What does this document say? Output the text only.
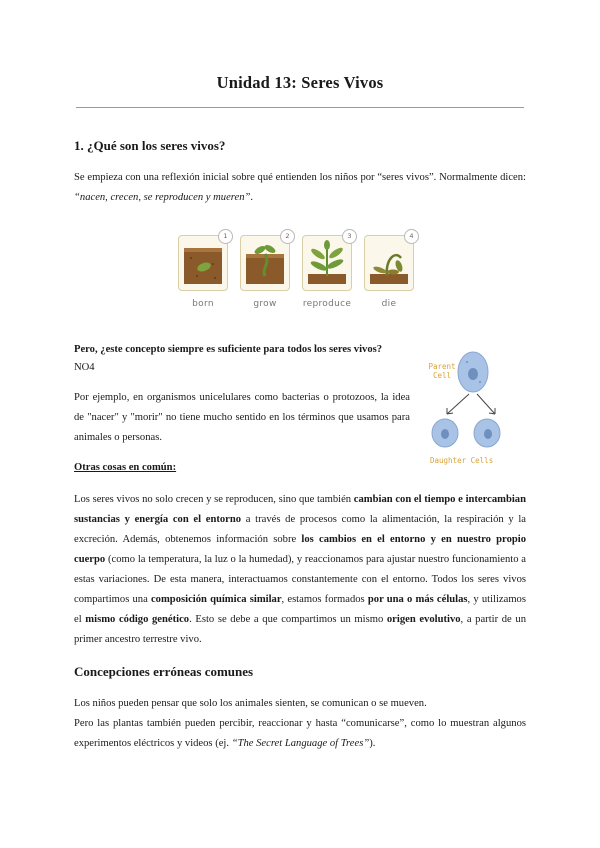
Unidad 13: Seres Vivos
1. ¿Qué son los seres vivos?
Se empieza con una reflexión inicial sobre qué entienden los niños por “seres vivos”. Normalmente dicen: “nacen, crecen, se reproducen y mueren”.
1	2	3	4
born	grow	reproduce	die
Pero, ¿este concepto siempre es suficiente para todos los seres vivos?
NO4
Por ejemplo, en organismos unicelulares como bacterias o protozoos, la idea de "nacer" y "morir" no tiene mucho sentido en los términos que usamos para animales o personas.
Parent Cell
Daughter Cells
Otras cosas en común:
Los seres vivos no solo crecen y se reproducen, sino que también cambian con el tiempo e intercambian sustancias y energía con el entorno a través de procesos como la alimentación, la respiración y la excreción. Además, obtenemos información sobre los cambios en el entorno y en nuestro propio cuerpo (como la temperatura, la luz o la humedad), y reaccionamos para ajustar nuestro funcionamiento a estas variaciones. De esta manera, interactuamos constantemente con el entorno. Todos los seres vivos compartimos una composición química similar, estamos formados por una o más células, y utilizamos el mismo código genético. Esto se debe a que compartimos un mismo origen evolutivo, a partir de un primer ancestro terrestre vivo.
Concepciones erróneas comunes
Los niños pueden pensar que solo los animales sienten, se comunican o se mueven.
Pero las plantas también pueden percibir, reaccionar y hasta “comunicarse”, como lo muestran algunos experimentos eléctricos y videos (ej. “The Secret Language of Trees”).
